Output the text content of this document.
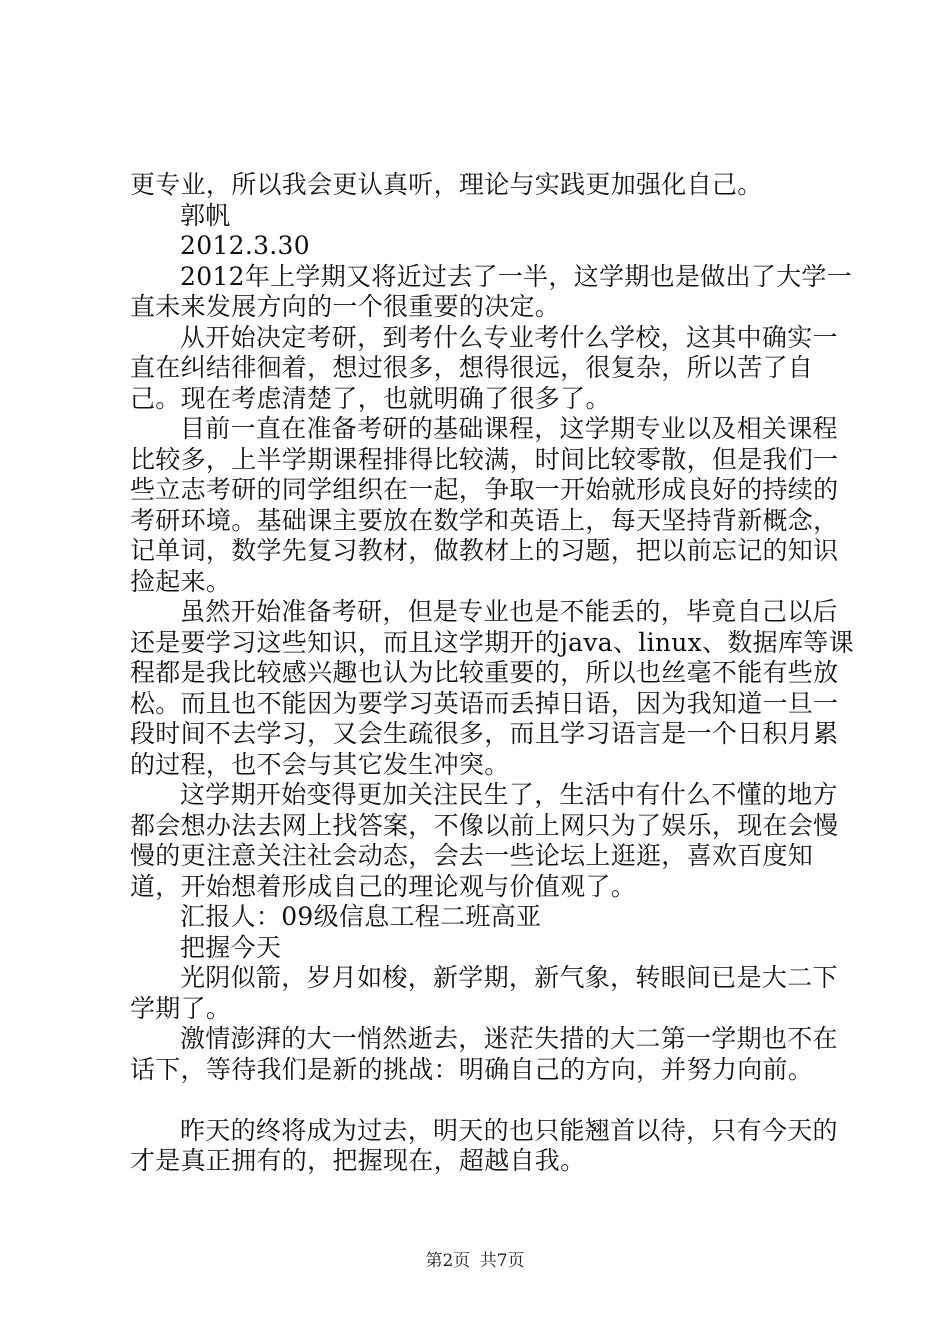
更专业，所以我会更认真听，理论与实践更加强化自己。

郭帆

2012.3.30

2012年上学期又将近过去了一半，这学期也是做出了大学一直未来发展方向的一个很重要的决定。

从开始决定考研，到考什么专业考什么学校，这其中确实一直在纠结徘徊着，想过很多，想得很远，很复杂，所以苦了自己。现在考虑清楚了，也就明确了很多了。

目前一直在准备考研的基础课程，这学期专业以及相关课程比较多，上半学期课程排得比较满，时间比较零散，但是我们一些立志考研的同学组织在一起，争取一开始就形成良好的持续的考研环境。基础课主要放在数学和英语上，每天坚持背新概念，记单词，数学先复习教材，做教材上的习题，把以前忘记的知识捡起来。

虽然开始准备考研，但是专业也是不能丢的，毕竟自己以后还是要学习这些知识，而且这学期开的java、linux、数据库等课程都是我比较感兴趣也认为比较重要的，所以也丝毫不能有些放松。而且也不能因为要学习英语而丢掉日语，因为我知道一旦一段时间不去学习，又会生疏很多，而且学习语言是一个日积月累的过程，也不会与其它发生冲突。

这学期开始变得更加关注民生了，生活中有什么不懂的地方都会想办法去网上找答案，不像以前上网只为了娱乐，现在会慢慢的更注意关注社会动态，会去一些论坛上逛逛，喜欢百度知道，开始想着形成自己的理论观与价值观了。

汇报人：09级信息工程二班高亚

把握今天

光阴似箭，岁月如梭，新学期，新气象，转眼间已是大二下学期了。

激情澎湃的大一悄然逝去，迷茫失措的大二第一学期也不在话下，等待我们是新的挑战：明确自己的方向，并努力向前。

昨天的终将成为过去，明天的也只能翘首以待，只有今天的才是真正拥有的，把握现在，超越自我。

第2页 共7页
